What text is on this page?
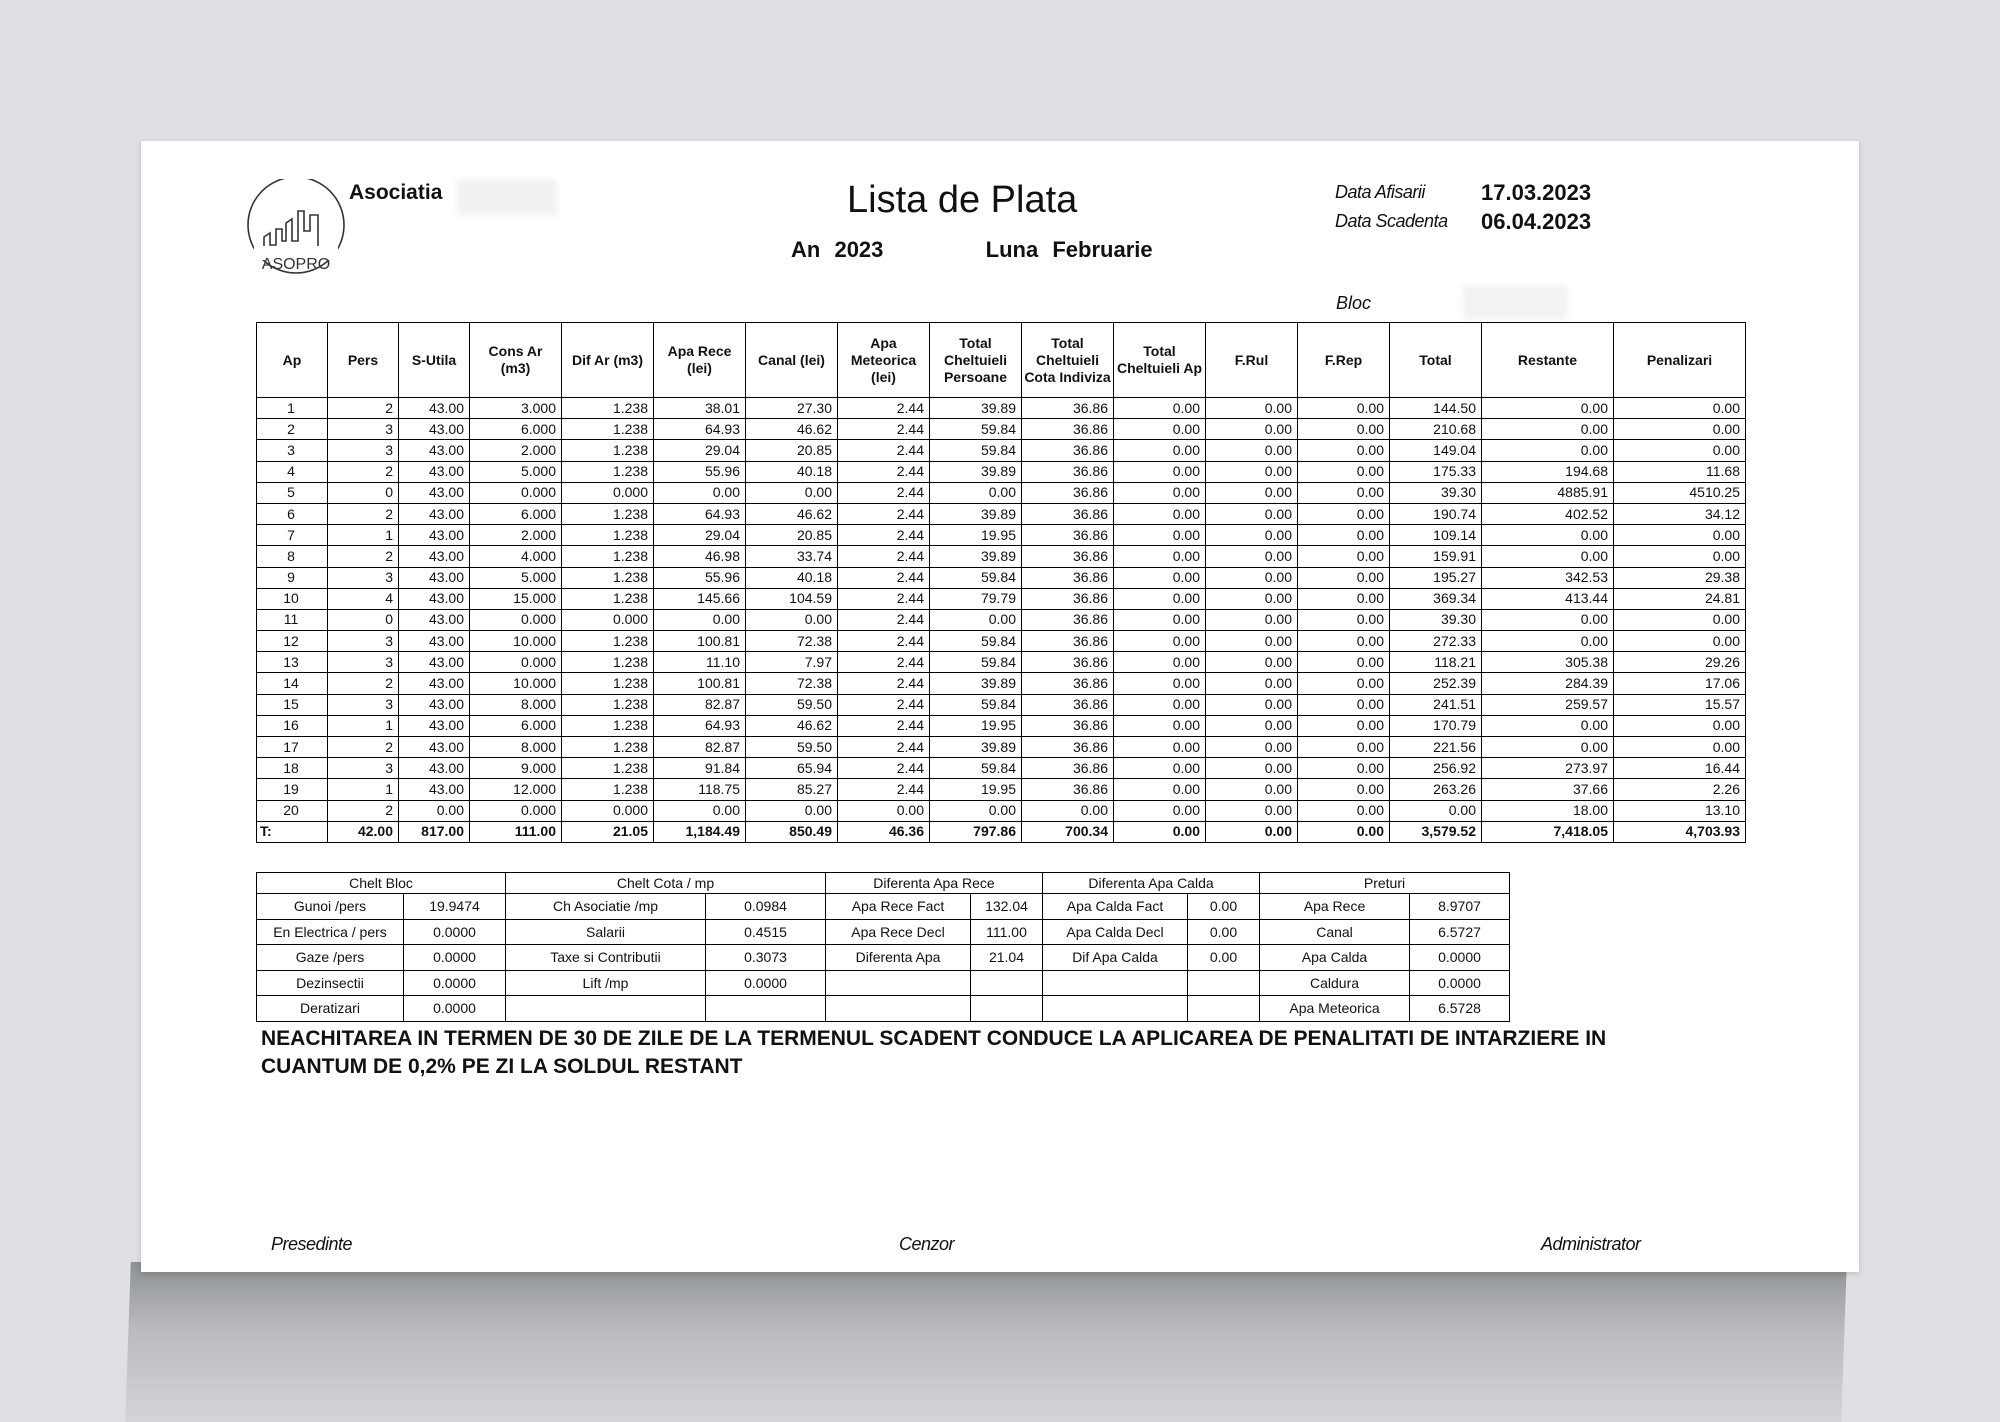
ASOPRO
Asociatia	Lista de Plata
An 2023	Luna Februarie
Data Afisarii	17.03.2023
Data Scadenta	06.04.2023
Bloc
Ap	Pers	S-Utila	Cons Ar (m3)	Dif Ar (m3)	Apa Rece (lei)	Canal (lei)	Apa Meteorica (lei)	Total Cheltuieli Persoane	Total Cheltuieli Cota Indiviza	Total Cheltuieli Ap	F.Rul	F.Rep	Total	Restante	Penalizari
1	2	43.00	3.000	1.238	38.01	27.30	2.44	39.89	36.86	0.00	0.00	0.00	144.50	0.00	0.00
2	3	43.00	6.000	1.238	64.93	46.62	2.44	59.84	36.86	0.00	0.00	0.00	210.68	0.00	0.00
3	3	43.00	2.000	1.238	29.04	20.85	2.44	59.84	36.86	0.00	0.00	0.00	149.04	0.00	0.00
4	2	43.00	5.000	1.238	55.96	40.18	2.44	39.89	36.86	0.00	0.00	0.00	175.33	194.68	11.68
5	0	43.00	0.000	0.000	0.00	0.00	2.44	0.00	36.86	0.00	0.00	0.00	39.30	4885.91	4510.25
6	2	43.00	6.000	1.238	64.93	46.62	2.44	39.89	36.86	0.00	0.00	0.00	190.74	402.52	34.12
7	1	43.00	2.000	1.238	29.04	20.85	2.44	19.95	36.86	0.00	0.00	0.00	109.14	0.00	0.00
8	2	43.00	4.000	1.238	46.98	33.74	2.44	39.89	36.86	0.00	0.00	0.00	159.91	0.00	0.00
9	3	43.00	5.000	1.238	55.96	40.18	2.44	59.84	36.86	0.00	0.00	0.00	195.27	342.53	29.38
10	4	43.00	15.000	1.238	145.66	104.59	2.44	79.79	36.86	0.00	0.00	0.00	369.34	413.44	24.81
11	0	43.00	0.000	0.000	0.00	0.00	2.44	0.00	36.86	0.00	0.00	0.00	39.30	0.00	0.00
12	3	43.00	10.000	1.238	100.81	72.38	2.44	59.84	36.86	0.00	0.00	0.00	272.33	0.00	0.00
13	3	43.00	0.000	1.238	11.10	7.97	2.44	59.84	36.86	0.00	0.00	0.00	118.21	305.38	29.26
14	2	43.00	10.000	1.238	100.81	72.38	2.44	39.89	36.86	0.00	0.00	0.00	252.39	284.39	17.06
15	3	43.00	8.000	1.238	82.87	59.50	2.44	59.84	36.86	0.00	0.00	0.00	241.51	259.57	15.57
16	1	43.00	6.000	1.238	64.93	46.62	2.44	19.95	36.86	0.00	0.00	0.00	170.79	0.00	0.00
17	2	43.00	8.000	1.238	82.87	59.50	2.44	39.89	36.86	0.00	0.00	0.00	221.56	0.00	0.00
18	3	43.00	9.000	1.238	91.84	65.94	2.44	59.84	36.86	0.00	0.00	0.00	256.92	273.97	16.44
19	1	43.00	12.000	1.238	118.75	85.27	2.44	19.95	36.86	0.00	0.00	0.00	263.26	37.66	2.26
20	2	0.00	0.000	0.000	0.00	0.00	0.00	0.00	0.00	0.00	0.00	0.00	0.00	18.00	13.10
T:	42.00	817.00	111.00	21.05	1,184.49	850.49	46.36	797.86	700.34	0.00	0.00	0.00	3,579.52	7,418.05	4,703.93
Chelt Bloc		Chelt Cota / mp		Diferenta Apa Rece		Diferenta Apa Calda		Preturi	
Gunoi /pers	19.9474	Ch Asociatie /mp	0.0984	Apa Rece Fact	132.04	Apa Calda Fact	0.00	Apa Rece	8.9707
En Electrica / pers	0.0000	Salarii	0.4515	Apa Rece Decl	111.00	Apa Calda Decl	0.00	Canal	6.5727
Gaze /pers	0.0000	Taxe si Contributii	0.3073	Diferenta Apa	21.04	Dif Apa Calda	0.00	Apa Calda	0.0000
Dezinsectii	0.0000	Lift /mp	0.0000					Caldura	0.0000
Deratizari	0.0000							Apa Meteorica	6.5728
NEACHITAREA IN TERMEN DE 30 DE ZILE DE LA TERMENUL SCADENT CONDUCE LA APLICAREA DE PENALITATI DE INTARZIERE IN
CUANTUM DE 0,2% PE ZI LA SOLDUL RESTANT
Presedinte	Cenzor	Administrator
